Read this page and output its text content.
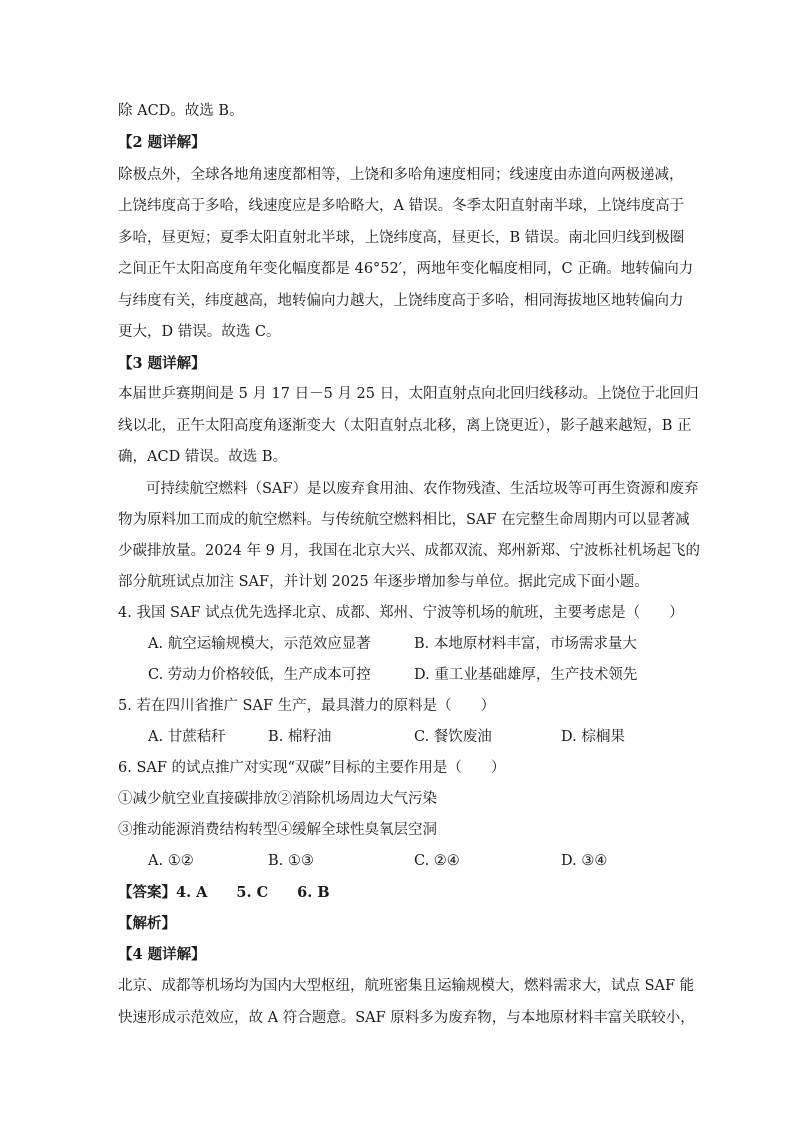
除 ACD。故选 B。
【2 题详解】
除极点外，全球各地角速度都相等，上饶和多哈角速度相同；线速度由赤道向两极递减，
上饶纬度高于多哈，线速度应是多哈略大，A 错误。冬季太阳直射南半球，上饶纬度高于
多哈，昼更短；夏季太阳直射北半球，上饶纬度高，昼更长，B 错误。南北回归线到极圈
之间正午太阳高度角年变化幅度都是 46°52′，两地年变化幅度相同，C 正确。地转偏向力
与纬度有关，纬度越高，地转偏向力越大，上饶纬度高于多哈，相同海拔地区地转偏向力
更大，D 错误。故选 C。
【3 题详解】
本届世乒赛期间是 5 月 17 日－5 月 25 日，太阳直射点向北回归线移动。上饶位于北回归
线以北，正午太阳高度角逐渐变大（太阳直射点北移，离上饶更近），影子越来越短，B 正
确，ACD 错误。故选 B。
可持续航空燃料（SAF）是以废弃食用油、农作物残渣、生活垃圾等可再生资源和废弃
物为原料加工而成的航空燃料。与传统航空燃料相比，SAF 在完整生命周期内可以显著减
少碳排放量。2024 年 9 月，我国在北京大兴、成都双流、郑州新郑、宁波栎社机场起飞的
部分航班试点加注 SAF，并计划 2025 年逐步增加参与单位。据此完成下面小题。
4. 我国 SAF 试点优先选择北京、成都、郑州、宁波等机场的航班，主要考虑是（　　）
A. 航空运输规模大，示范效应显著	B. 本地原材料丰富，市场需求量大
C. 劳动力价格较低，生产成本可控	D. 重工业基础雄厚，生产技术领先
5. 若在四川省推广 SAF 生产，最具潜力的原料是（　　）
A. 甘蔗秸秆	B. 棉籽油	C. 餐饮废油	D. 棕榈果
6. SAF 的试点推广对实现“双碳”目标的主要作用是（　　）
①减少航空业直接碳排放②消除机场周边大气污染
③推动能源消费结构转型④缓解全球性臭氧层空洞
A. ①②	B. ①③	C. ②④	D. ③④
【答案】4. A　　5. C　　6. B
【解析】
【4 题详解】
北京、成都等机场均为国内大型枢纽，航班密集且运输规模大，燃料需求大，试点 SAF 能
快速形成示范效应，故 A 符合题意。SAF 原料多为废弃物，与本地原材料丰富关联较小，
